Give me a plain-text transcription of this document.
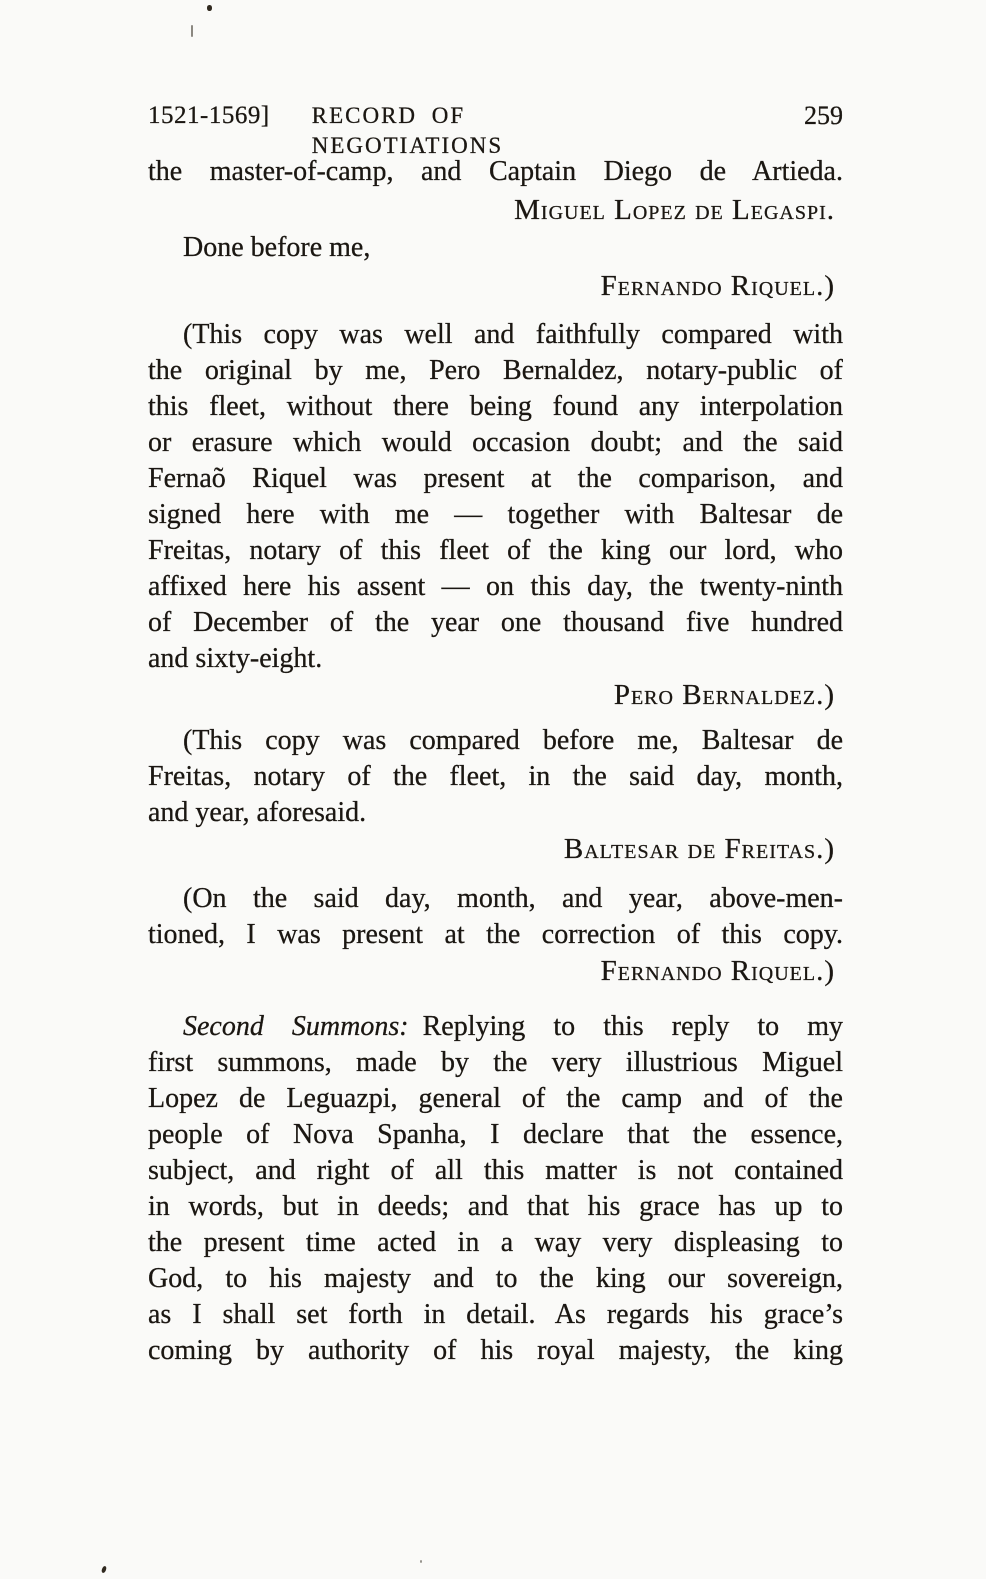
1521-1569] RECORD OF NEGOTIATIONS
259
the master-of-camp, and Captain Diego de Artieda.
Miguel Lopez de Legaspi.
Done before me,
Fernando Riquel.)
(This copy was well and faithfully compared with
the original by me, Pero Bernaldez, notary-public of
this fleet, without there being found any interpolation
or erasure which would occasion doubt; and the said
Fernaõ Riquel was present at the comparison, and
signed here with me — together with Baltesar de
Freitas, notary of this fleet of the king our lord, who
affixed here his assent — on this day, the twenty-ninth
of December of the year one thousand five hundred
and sixty-eight.
Pero Bernaldez.)
(This copy was compared before me, Baltesar de
Freitas, notary of the fleet, in the said day, month,
and year, aforesaid.
Baltesar de Freitas.)
(On the said day, month, and year, above-men-
tioned, I was present at the correction of this copy.
Fernando Riquel.)
Second Summons: Replying to this reply to my
first summons, made by the very illustrious Miguel
Lopez de Leguazpi, general of the camp and of the
people of Nova Spanha, I declare that the essence,
subject, and right of all this matter is not contained
in words, but in deeds; and that his grace has up to
the present time acted in a way very displeasing to
God, to his majesty and to the king our sovereign,
as I shall set forth in detail. As regards his grace’s
coming by authority of his royal majesty, the king
